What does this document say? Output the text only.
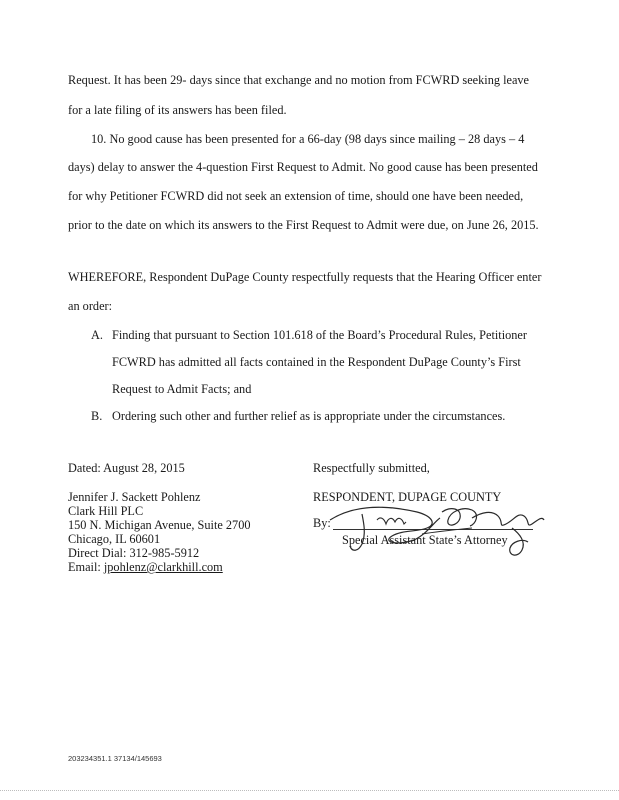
Request. It has been 29- days since that exchange and no motion from FCWRD seeking leave
for a late filing of its answers has been filed.
10. No good cause has been presented for a 66-day (98 days since mailing – 28 days – 4
days) delay to answer the 4-question First Request to Admit. No good cause has been presented
for why Petitioner FCWRD did not seek an extension of time, should one have been needed,
prior to the date on which its answers to the First Request to Admit were due, on June 26, 2015.
WHEREFORE, Respondent DuPage County respectfully requests that the Hearing Officer enter
an order:
A. Finding that pursuant to Section 101.618 of the Board’s Procedural Rules, Petitioner
FCWRD has admitted all facts contained in the Respondent DuPage County’s First
Request to Admit Facts; and
B. Ordering such other and further relief as is appropriate under the circumstances.
Dated: August 28, 2015	Respectfully submitted,
Jennifer J. Sackett Pohlenz
Clark Hill PLC
150 N. Michigan Avenue, Suite 2700
Chicago, IL 60601
Direct Dial: 312-985-5912
Email: jpohlenz@clarkhill.com
RESPONDENT, DUPAGE COUNTY
By:
Special Assistant State’s Attorney
203234351.1 37134/145693
